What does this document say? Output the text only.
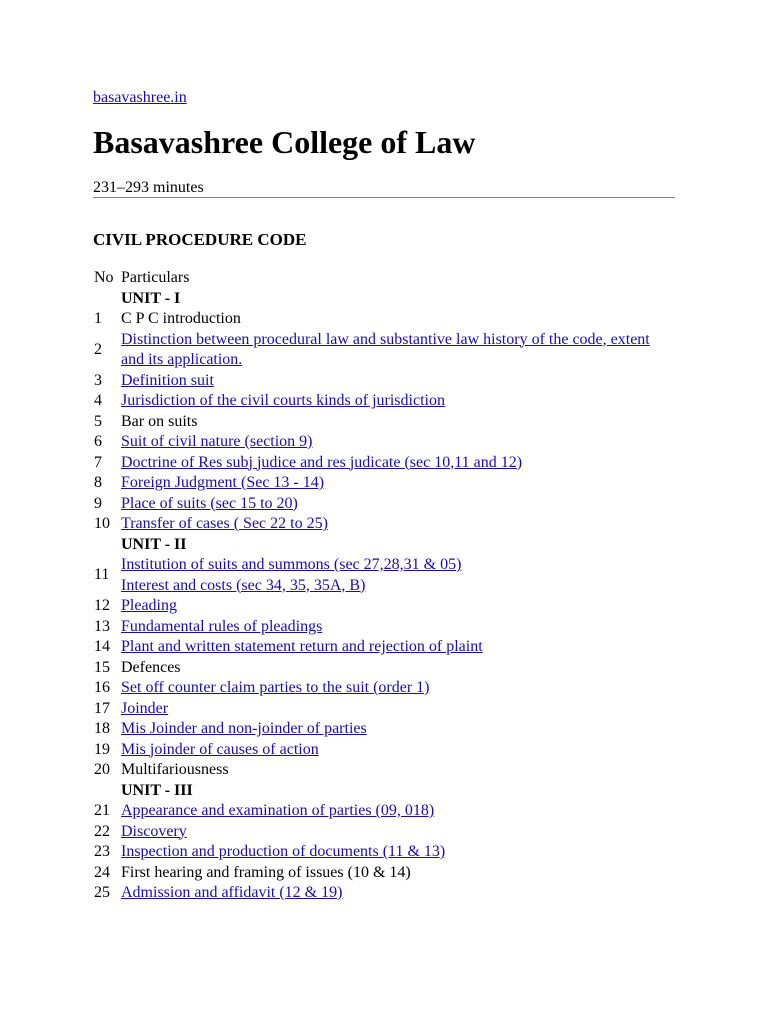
basavashree.in
Basavashree College of Law
231–293 minutes
CIVIL PROCEDURE CODE
No	Particulars
	UNIT - I
1	C P C introduction
2	Distinction between procedural law and substantive law history of the code, extent and its application.
3	Definition suit
4	Jurisdiction of the civil courts kinds of jurisdiction
5	Bar on suits
6	Suit of civil nature (section 9)
7	Doctrine of Res subj judice and res judicate (sec 10,11 and 12)
8	Foreign Judgment (Sec 13 - 14)
9	Place of suits (sec 15 to 20)
10	Transfer of cases ( Sec 22 to 25)
	UNIT - II
11	Institution of suits and summons (sec 27,28,31 & 05)
Interest and costs (sec 34, 35, 35A, B)
12	Pleading
13	Fundamental rules of pleadings
14	Plant and written statement return and rejection of plaint
15	Defences
16	Set off counter claim parties to the suit (order 1)
17	Joinder
18	Mis Joinder and non-joinder of parties
19	Mis joinder of causes of action
20	Multifariousness
	UNIT - III
21	Appearance and examination of parties (09, 018)
22	Discovery
23	Inspection and production of documents (11 & 13)
24	First hearing and framing of issues (10 & 14)
25	Admission and affidavit (12 & 19)
